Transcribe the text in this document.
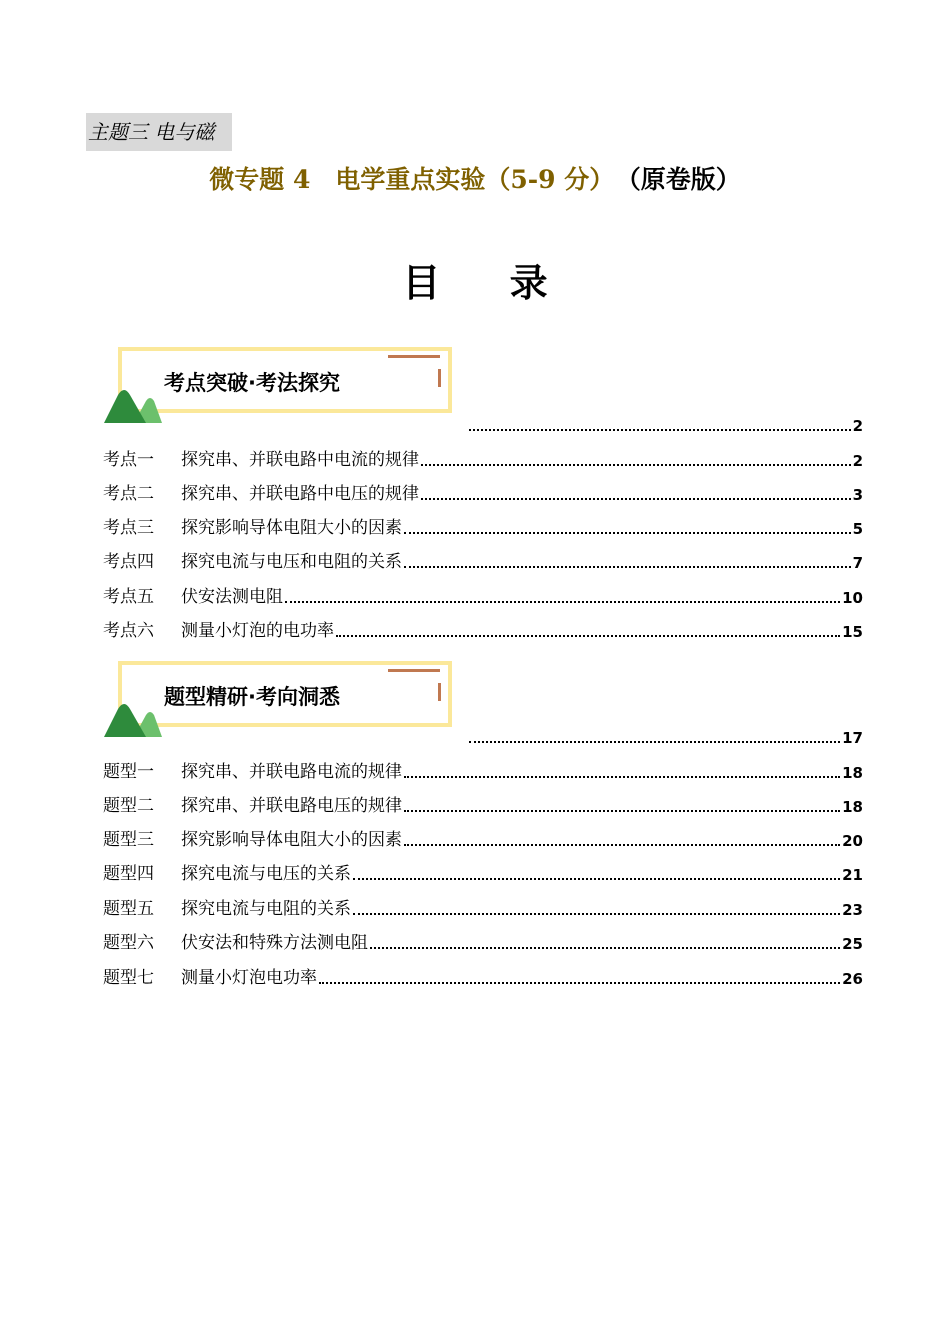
主题三 电与磁
微专题 4　电学重点实验（5-9 分） （原卷版）
目 录
考点突破·考法探究
2
考点一	探究串、并联电路中电流的规律	2
考点二	探究串、并联电路中电压的规律	3
考点三	探究影响导体电阻大小的因素	5
考点四	探究电流与电压和电阻的关系	7
考点五	伏安法测电阻	10
考点六	测量小灯泡的电功率	15
题型精研·考向洞悉
17
题型一	探究串、并联电路电流的规律	18
题型二	探究串、并联电路电压的规律	18
题型三	探究影响导体电阻大小的因素	20
题型四	探究电流与电压的关系	21
题型五	探究电流与电阻的关系	23
题型六	伏安法和特殊方法测电阻	25
题型七	测量小灯泡电功率	26
